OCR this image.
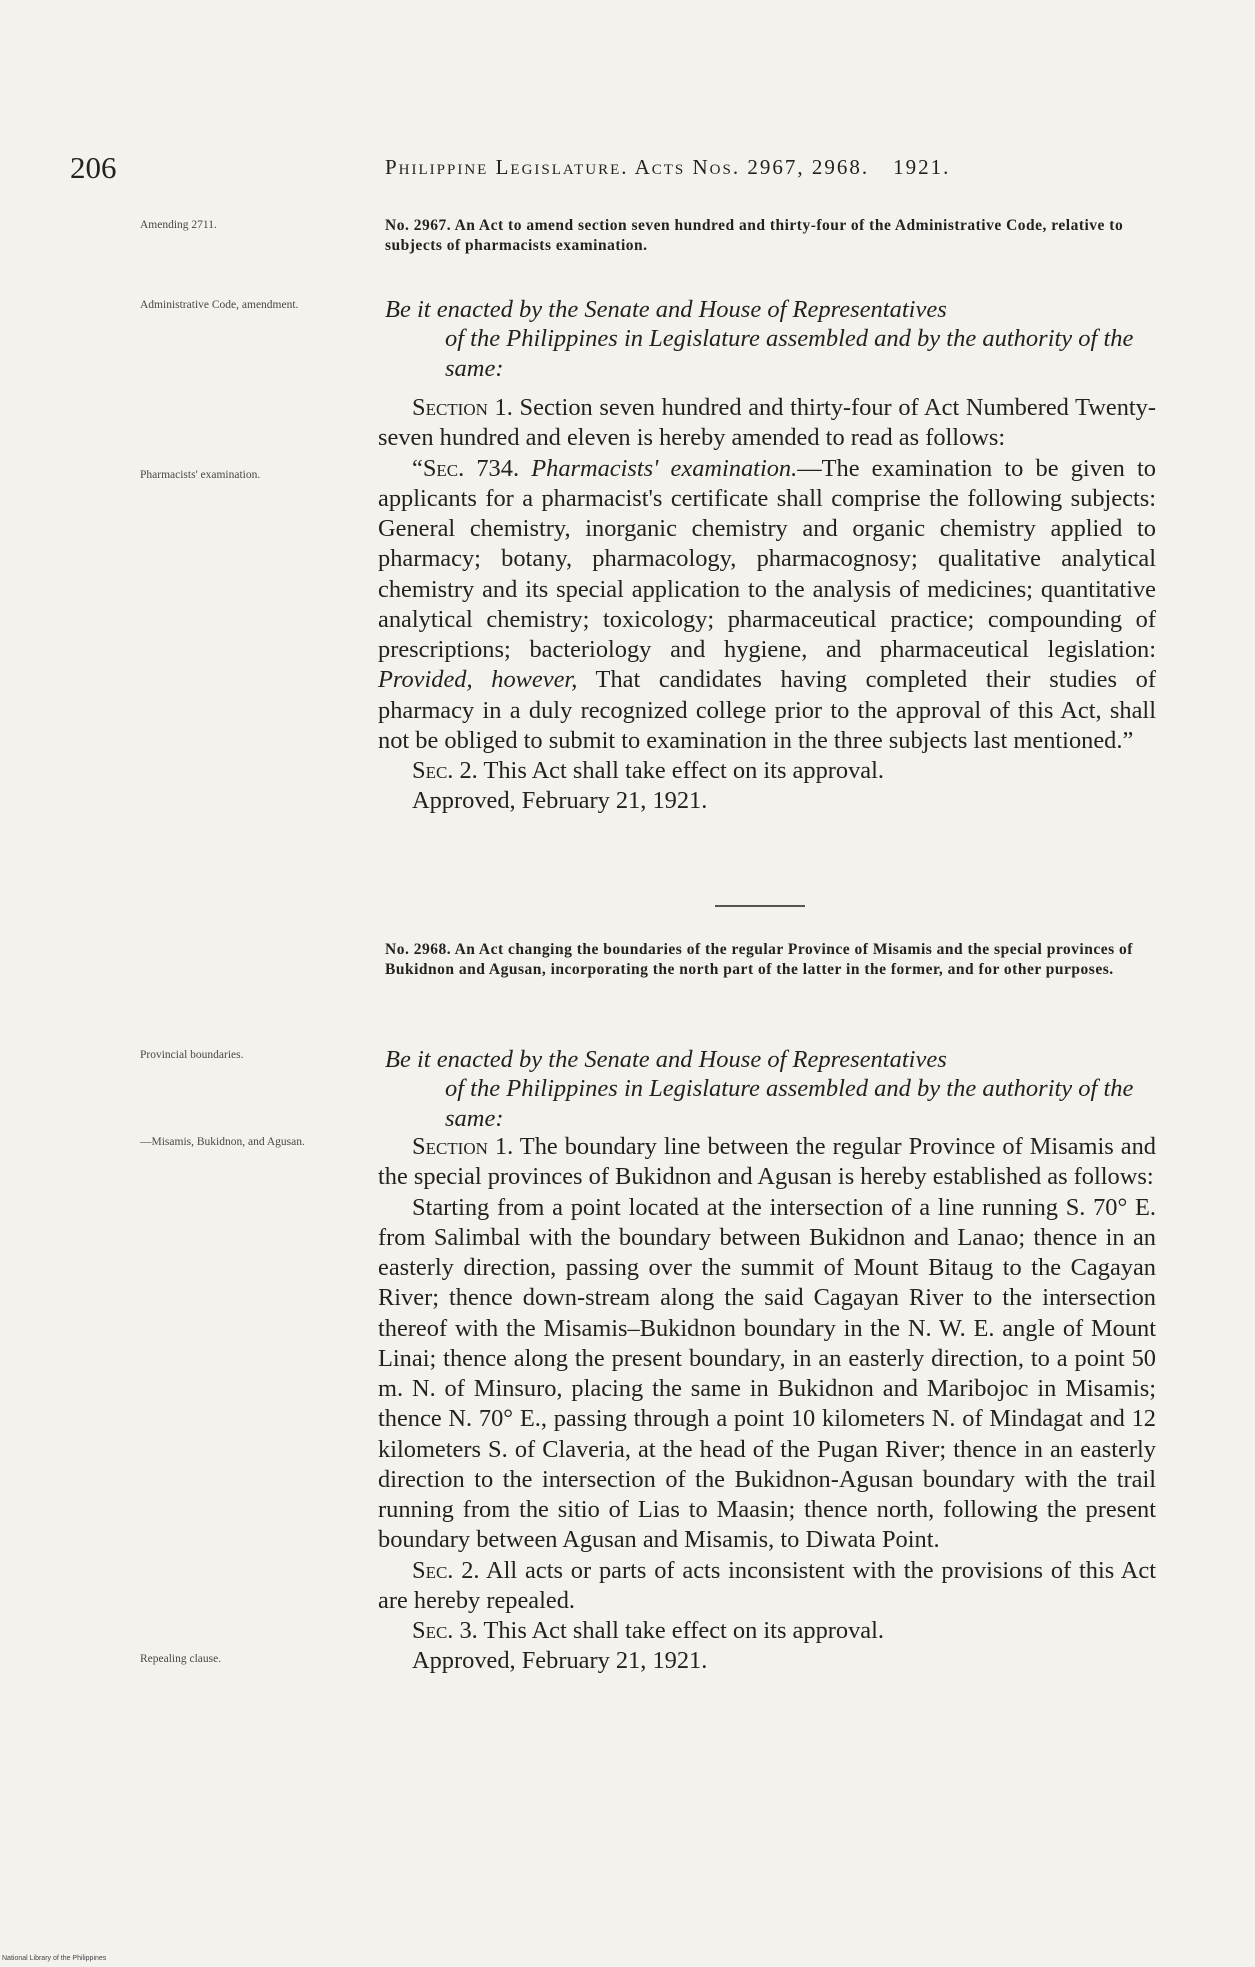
206	Philippine Legislature. Acts Nos. 2967, 2968. 1921.
Amending 2711.
Administrative Code, amendment.
Pharmacists' examination.
No. 2967. An Act to amend section seven hundred and thirty-four of the Administrative Code, relative to subjects of pharmacists examination.
Be it enacted by the Senate and House of Representatives
of the Philippines in Legislature assembled and by the authority of the same:

Section 1. Section seven hundred and thirty-four of Act Numbered Twenty-seven hundred and eleven is hereby amended to read as follows:

“Sec. 734. Pharmacists' examination.—The examination to be given to applicants for a pharmacist's certificate shall comprise the following subjects: General chemistry, inorganic chemistry and organic chemistry applied to pharmacy; botany, pharmacology, pharmacognosy; qualitative analytical chemistry and its special application to the analysis of medicines; quantitative analytical chemistry; toxicology; pharmaceutical practice; compounding of prescriptions; bacteriology and hygiene, and pharmaceutical legislation: Provided, however, That candidates having completed their studies of pharmacy in a duly recognized college prior to the approval of this Act, shall not be obliged to submit to examination in the three subjects last mentioned.”

Sec. 2. This Act shall take effect on its approval.

Approved, February 21, 1921.

Provincial boundaries.
—Misamis, Bukidnon, and Agusan.
Repealing clause.
No. 2968. An Act changing the boundaries of the regular Province of Misamis and the special provinces of Bukidnon and Agusan, incorporating the north part of the latter in the former, and for other purposes.
Be it enacted by the Senate and House of Representatives
of the Philippines in Legislature assembled and by the authority of the same:

Section 1. The boundary line between the regular Province of Misamis and the special provinces of Bukidnon and Agusan is hereby established as follows:

Starting from a point located at the intersection of a line running S. 70° E. from Salimbal with the boundary between Bukidnon and Lanao; thence in an easterly direction, passing over the summit of Mount Bitaug to the Cagayan River; thence down-stream along the said Cagayan River to the intersection thereof with the Misamis–Bukidnon boundary in the N. W. E. angle of Mount Linai; thence along the present boundary, in an easterly direction, to a point 50 m. N. of Minsuro, placing the same in Bukidnon and Maribojoc in Misamis; thence N. 70° E., passing through a point 10 kilometers N. of Mindagat and 12 kilometers S. of Claveria, at the head of the Pugan River; thence in an easterly direction to the intersection of the Bukidnon-Agusan boundary with the trail running from the sitio of Lias to Maasin; thence north, following the present boundary between Agusan and Misamis, to Diwata Point.

Sec. 2. All acts or parts of acts inconsistent with the provisions of this Act are hereby repealed.

Sec. 3. This Act shall take effect on its approval.

Approved, February 21, 1921.

National Library of the Philippines
